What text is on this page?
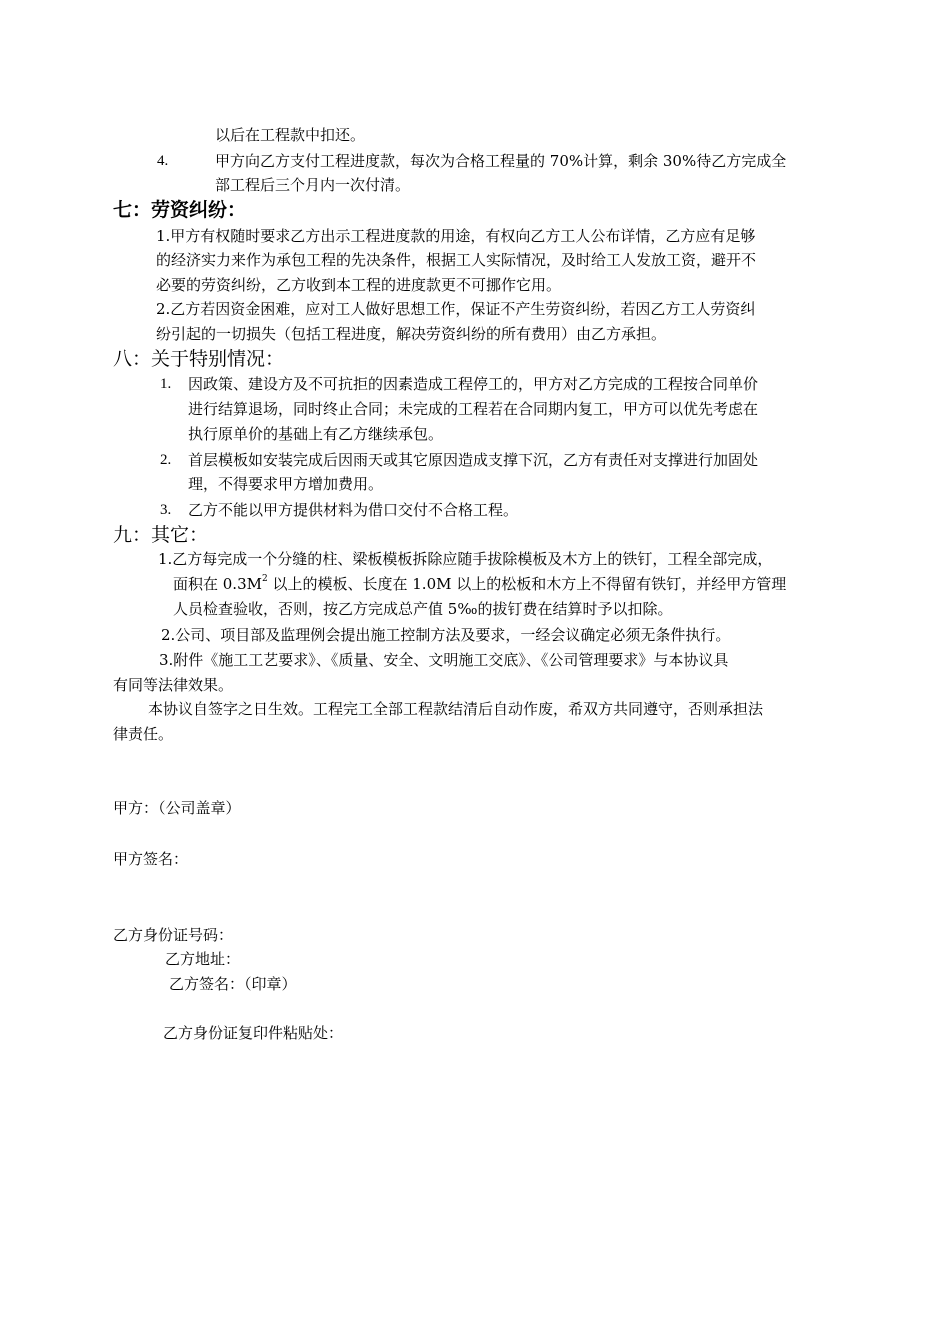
以后在工程款中扣还。
4.	甲方向乙方支付工程进度款，每次为合格工程量的 70%计算，剩余 30%待乙方完成全
部工程后三个月内一次付清。
七：劳资纠纷：
1.甲方有权随时要求乙方出示工程进度款的用途，有权向乙方工人公布详情，乙方应有足够
的经济实力来作为承包工程的先决条件，根据工人实际情况，及时给工人发放工资，避开不
必要的劳资纠纷，乙方收到本工程的进度款更不可挪作它用。
2.乙方若因资金困难，应对工人做好思想工作，保证不产生劳资纠纷，若因乙方工人劳资纠
纷引起的一切损失（包括工程进度，解决劳资纠纷的所有费用）由乙方承担。
八：关于特别情况：
1. 因政策、建设方及不可抗拒的因素造成工程停工的，甲方对乙方完成的工程按合同单价
进行结算退场，同时终止合同；未完成的工程若在合同期内复工，甲方可以优先考虑在
执行原单价的基础上有乙方继续承包。
2. 首层模板如安装完成后因雨天或其它原因造成支撑下沉，乙方有责任对支撑进行加固处
理，不得要求甲方增加费用。
3. 乙方不能以甲方提供材料为借口交付不合格工程。
九：其它：
1.乙方每完成一个分缝的柱、梁板模板拆除应随手拔除模板及木方上的铁钉，工程全部完成，
面积在 $0.3M^2$ 以上的模板、长度在 1.0M 以上的松板和木方上不得留有铁钉，并经甲方管理
人员检查验收，否则，按乙方完成总产值 5‰的拔钉费在结算时予以扣除。
2.公司、项目部及监理例会提出施工控制方法及要求，一经会议确定必须无条件执行。
3.附件《施工工艺要求》、《质量、安全、文明施工交底》、《公司管理要求》与本协议具
有同等法律效果。
本协议自签字之日生效。工程完工全部工程款结清后自动作废，希双方共同遵守，否则承担法
律责任。
甲方：（公司盖章）
甲方签名：
乙方身份证号码：
乙方地址：
乙方签名：（印章）
乙方身份证复印件粘贴处：
